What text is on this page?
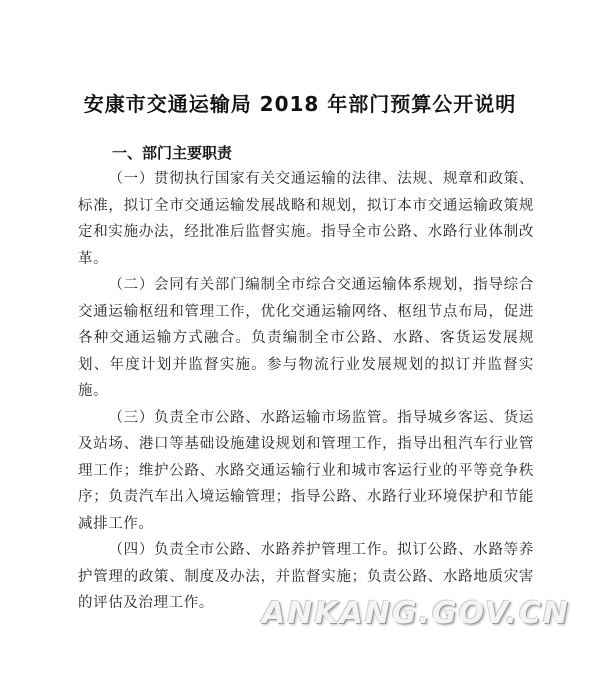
安康市交通运输局 2018 年部门预算公开说明
一、部门主要职责

（一）贯彻执行国家有关交通运输的法律、法规、规章和政策、标准，拟订全市交通运输发展战略和规划，拟订本市交通运输政策规定和实施办法，经批准后监督实施。指导全市公路、水路行业体制改革。

（二）会同有关部门编制全市综合交通运输体系规划，指导综合交通运输枢纽和管理工作，优化交通运输网络、枢纽节点布局，促进各种交通运输方式融合。负责编制全市公路、水路、客货运发展规划、年度计划并监督实施。参与物流行业发展规划的拟订并监督实施。

（三）负责全市公路、水路运输市场监管。指导城乡客运、货运及站场、港口等基础设施建设规划和管理工作，指导出租汽车行业管理工作；维护公路、水路交通运输行业和城市客运行业的平等竞争秩序；负责汽车出入境运输管理；指导公路、水路行业环境保护和节能减排工作。

（四）负责全市公路、水路养护管理工作。拟订公路、水路等养护管理的政策、制度及办法，并监督实施；负责公路、水路地质灾害的评估及治理工作。	ANKANG.GOV.CN
